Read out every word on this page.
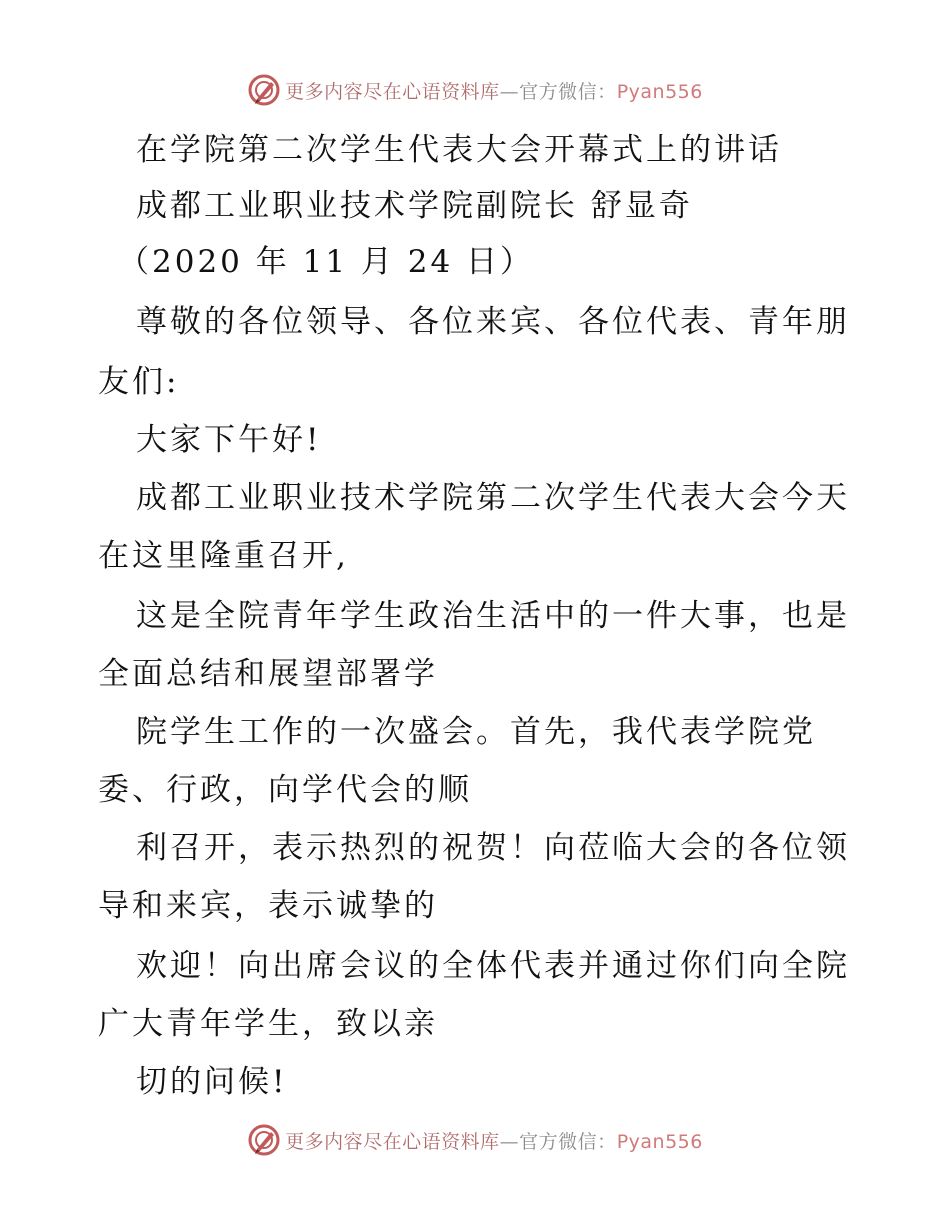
更多内容尽在心语资料库—官方微信：Pyan556
在学院第二次学生代表大会开幕式上的讲话
成都工业职业技术学院副院长 舒显奇
（2020 年 11 月 24 日）
尊敬的各位领导、各位来宾、各位代表、青年朋
友们:
大家下午好!
成都工业职业技术学院第二次学生代表大会今天
在这里隆重召开,
这是全院青年学生政治生活中的一件大事，也是
全面总结和展望部署学
院学生工作的一次盛会。首先，我代表学院党
委、行政，向学代会的顺
利召开，表示热烈的祝贺！向莅临大会的各位领
导和来宾，表示诚挚的
欢迎！向出席会议的全体代表并通过你们向全院
广大青年学生，致以亲
切的问候!
更多内容尽在心语资料库—官方微信：Pyan556
